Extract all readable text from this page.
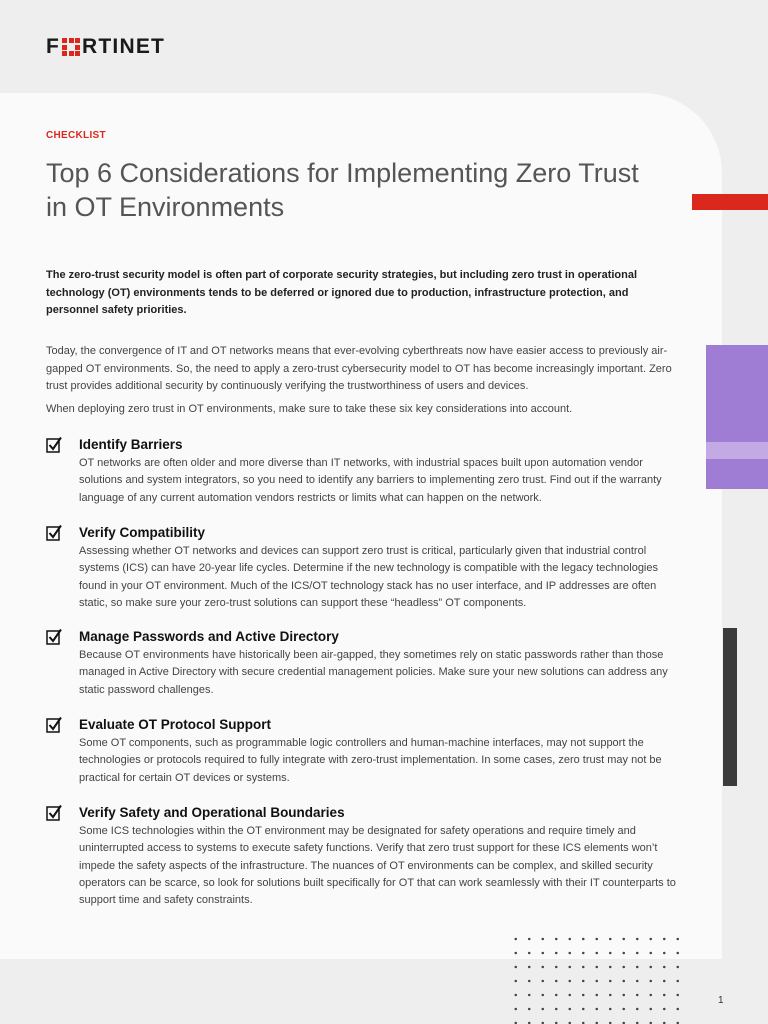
F RTINET
CHECKLIST
Top 6 Considerations for Implementing Zero Trust in OT Environments

The zero-trust security model is often part of corporate security strategies, but including zero trust in operational technology (OT) environments tends to be deferred or ignored due to production, infrastructure protection, and personnel safety priorities.

Today, the convergence of IT and OT networks means that ever-evolving cyberthreats now have easier access to previously air-gapped OT environments. So, the need to apply a zero-trust cybersecurity model to OT has become increasingly important. Zero trust provides additional security by continuously verifying the trustworthiness of users and devices.

When deploying zero trust in OT environments, make sure to take these six key considerations into account.

Identify Barriers

OT networks are often older and more diverse than IT networks, with industrial spaces built upon automation vendor solutions and system integrators, so you need to identify any barriers to implementing zero trust. Find out if the warranty language of any current automation vendors restricts or limits what can happen on the network.

Verify Compatibility

Assessing whether OT networks and devices can support zero trust is critical, particularly given that industrial control systems (ICS) can have 20-year life cycles. Determine if the new technology is compatible with the legacy technologies found in your OT environment. Much of the ICS/OT technology stack has no user interface, and IP addresses are often static, so make sure your zero-trust solutions can support these “headless” OT components.

Manage Passwords and Active Directory

Because OT environments have historically been air-gapped, they sometimes rely on static passwords rather than those managed in Active Directory with secure credential management policies. Make sure your new solutions can address any static password challenges.

Evaluate OT Protocol Support

Some OT components, such as programmable logic controllers and human-machine interfaces, may not support the technologies or protocols required to fully integrate with zero-trust implementation. In some cases, zero trust may not be practical for certain OT devices or systems.

Verify Safety and Operational Boundaries

Some ICS technologies within the OT environment may be designated for safety operations and require timely and uninterrupted access to systems to execute safety functions. Verify that zero trust support for these ICS elements won’t impede the safety aspects of the infrastructure. The nuances of OT environments can be complex, and skilled security operators can be scarce, so look for solutions built specifically for OT that can work seamlessly with their IT counterparts to support time and safety constraints.

1
